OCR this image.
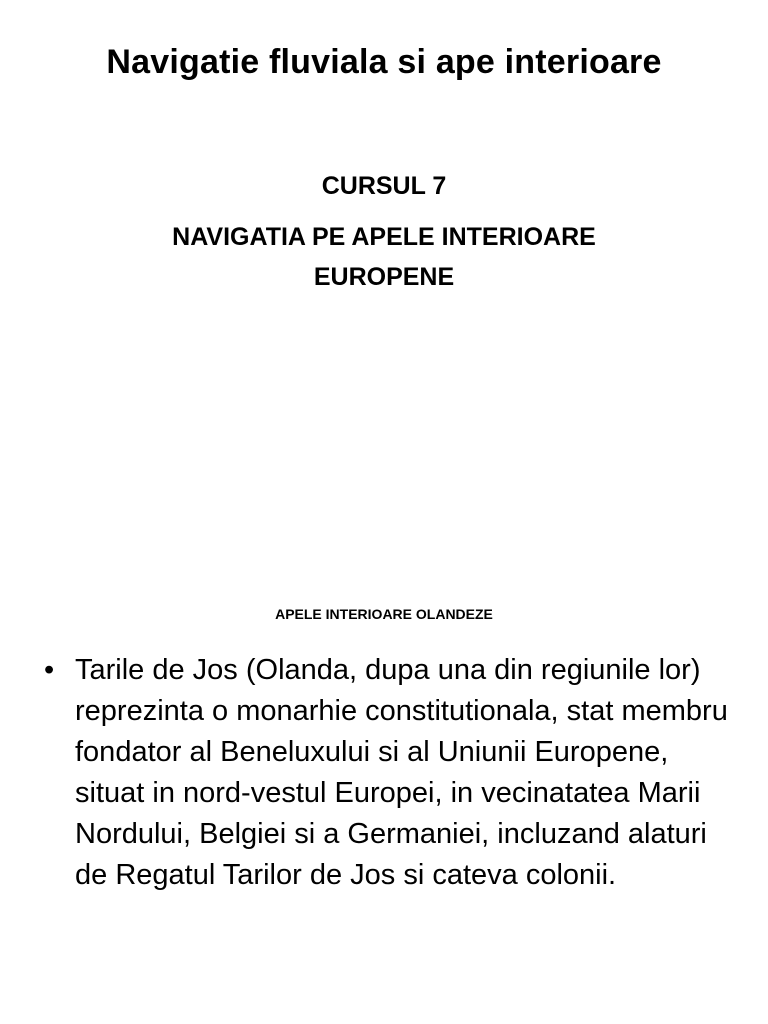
Navigatie fluviala si ape interioare
CURSUL 7
NAVIGATIA PE APELE INTERIOARE EUROPENE
APELE INTERIOARE OLANDEZE
• Tarile de Jos (Olanda, dupa una din regiunile lor) reprezinta o monarhie constitutionala, stat membru fondator al Beneluxului si al Uniunii Europene, situat in nord-vestul Europei, in vecinatatea Marii Nordului, Belgiei si a Germaniei, incluzand alaturi de Regatul Tarilor de Jos si cateva colonii.
